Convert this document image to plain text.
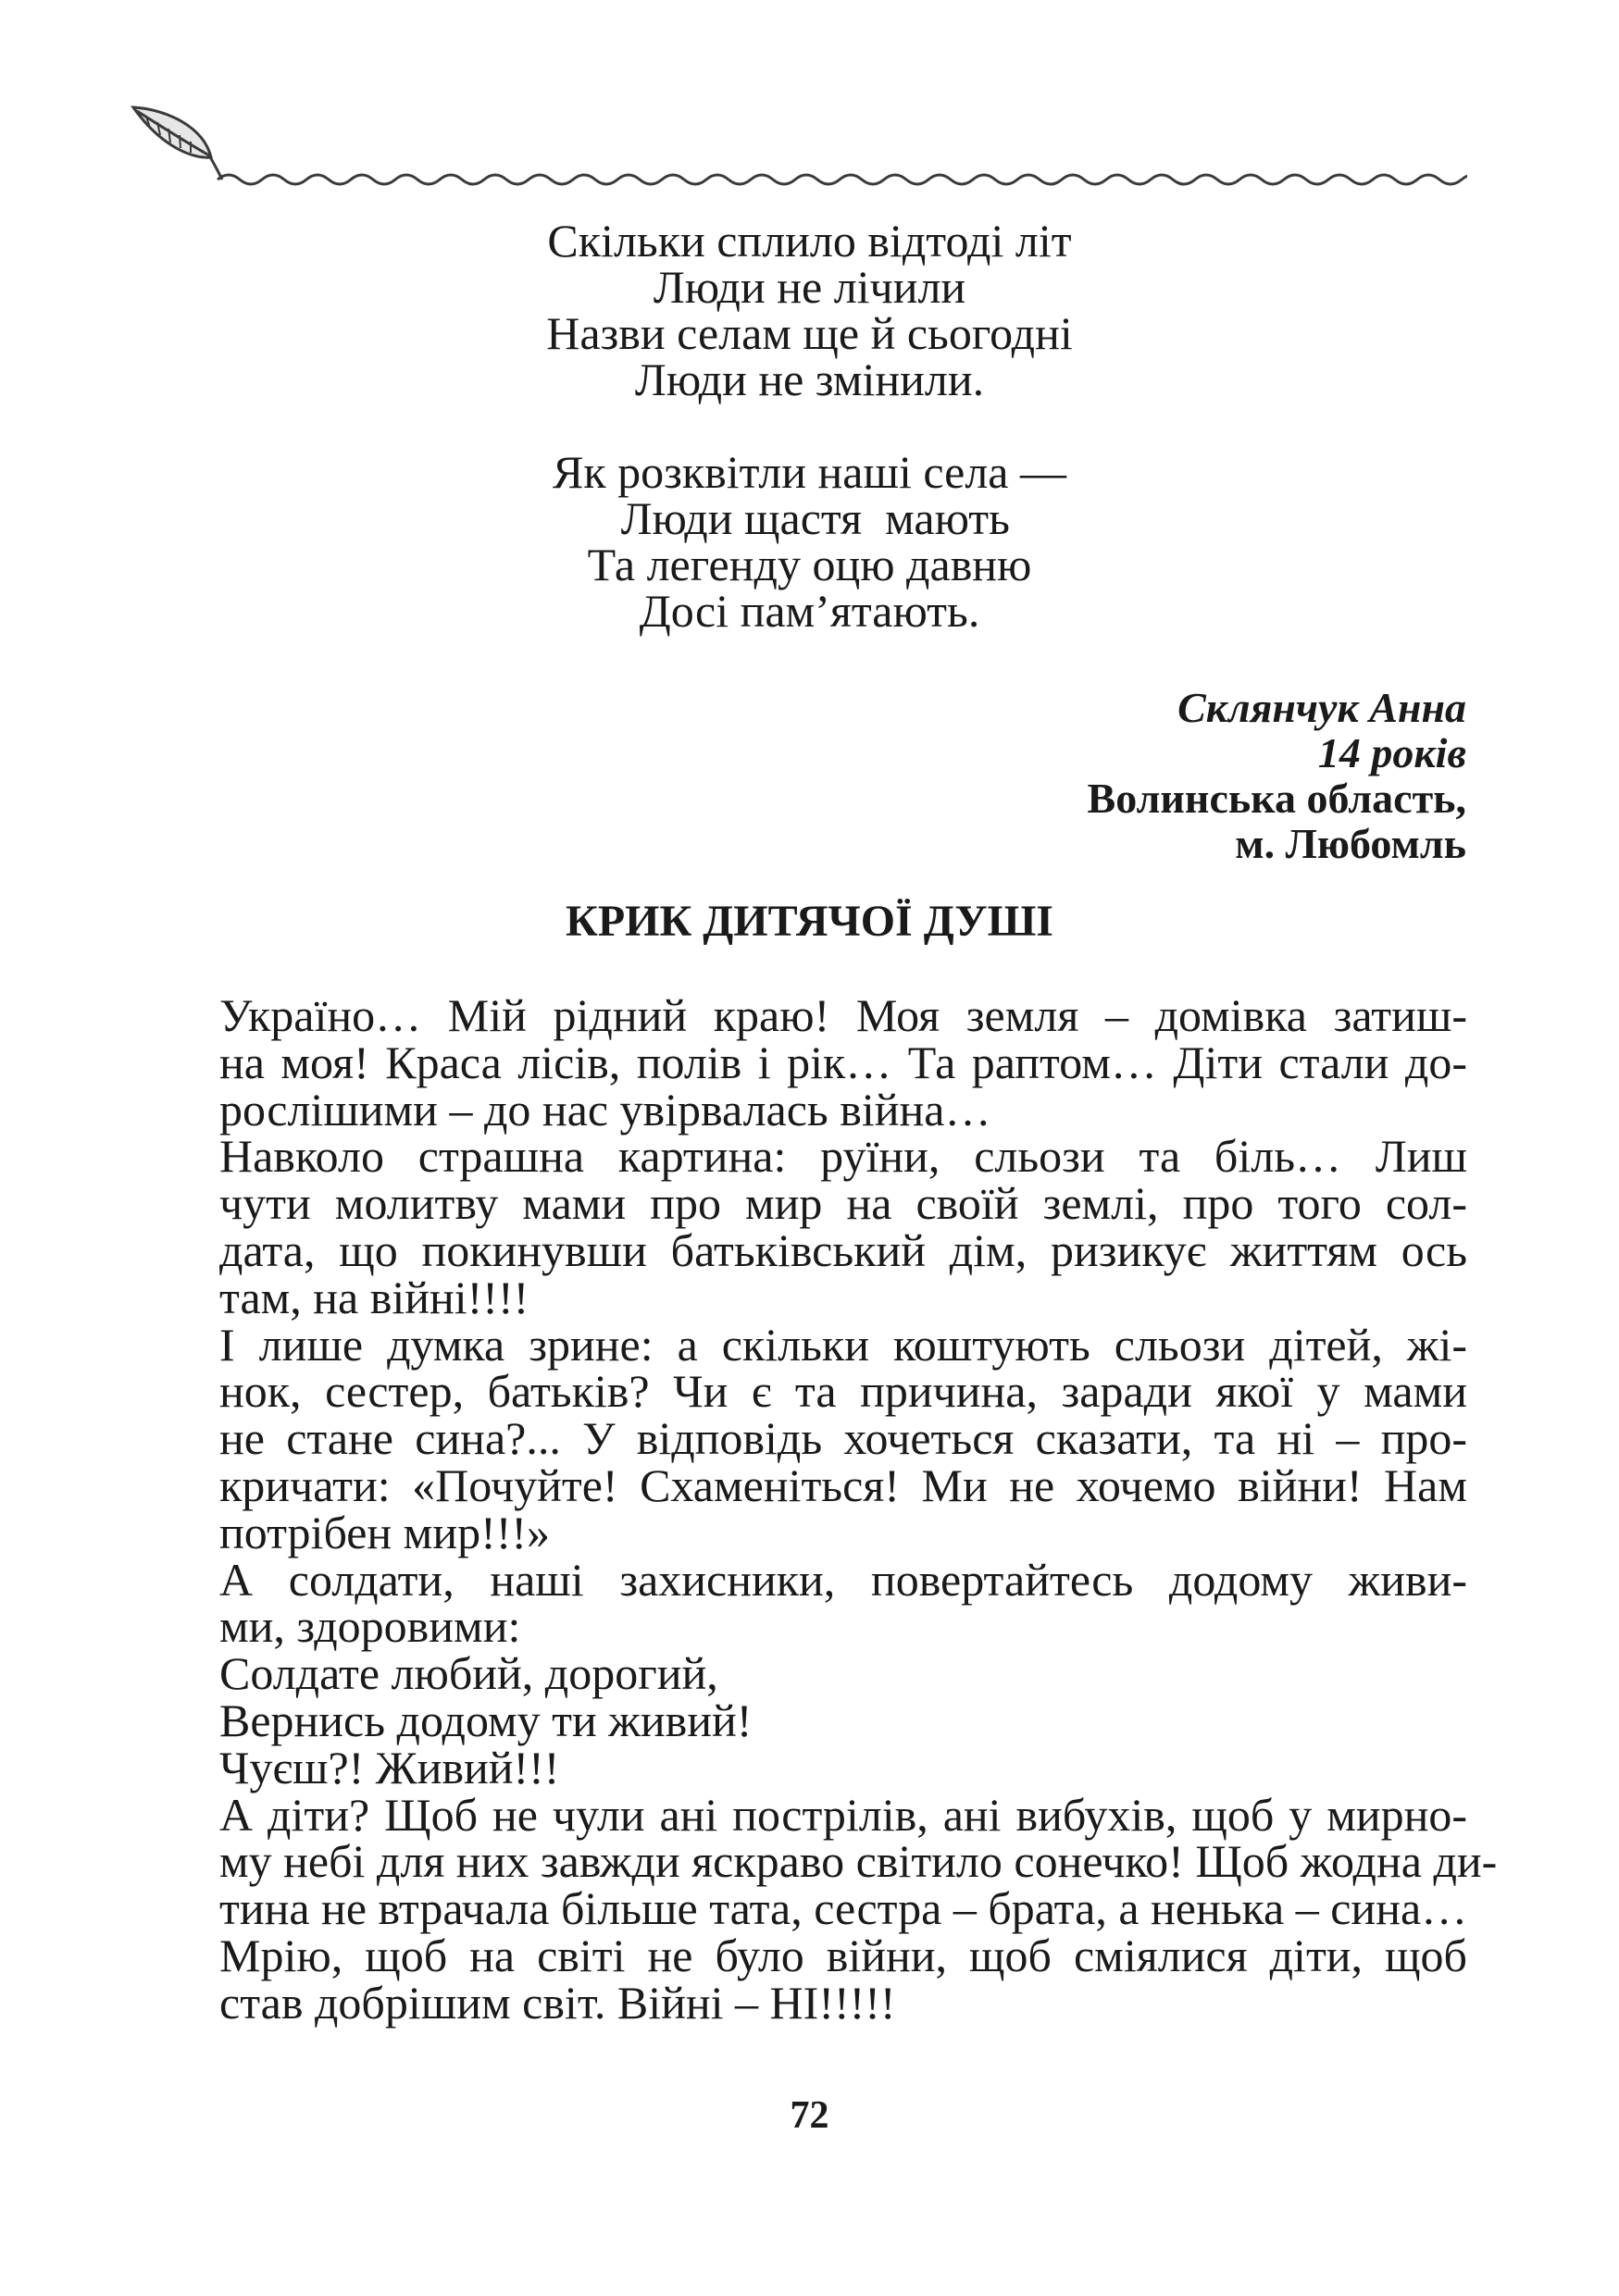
Скільки сплило відтоді літ
Люди не лічили
Назви селам ще й сьогодні
Люди не змінили.
Як розквітли наші села —
Люди щастя  мають
Та легенду оцю давню
Досі пам’ятають.
Склянчук Анна
14 років
Волинська область,
м. Любомль
КРИК ДИТЯЧОЇ ДУШІ

Україно… Мій рідний краю! Моя земля – домівка затиш-
на моя! Краса лісів, полів і рік… Та раптом… Діти стали до-
рослішими – до нас увірвалась війна…

Навколо страшна картина: руїни, сльози та біль… Лиш
чути молитву мами про мир на своїй землі, про того сол-
дата, що покинувши батьківський дім, ризикує життям ось
там, на війні!!!!

І лише думка зрине: а скільки коштують сльози дітей, жі-
нок, сестер, батьків? Чи є та причина, заради якої у мами
не стане сина?... У відповідь хочеться сказати, та ні – про-
кричати: «Почуйте! Схаменіться! Ми не хочемо війни! Нам
потрібен мир!!!»

А солдати, наші захисники, повертайтесь додому живи-
ми, здоровими:

Солдате любий, дорогий,
Вернись додому ти живий!
Чуєш?! Живий!!!

А діти? Щоб не чули ані пострілів, ані вибухів, щоб у мирно-
му небі для них завжди яскраво світило сонечко! Щоб жодна ди-
тина не втрачала більше тата, сестра – брата, а ненька – сина…

Мрію, щоб на світі не було війни, щоб сміялися діти, щоб
став добрішим світ. Війні – НІ!!!!!

72
